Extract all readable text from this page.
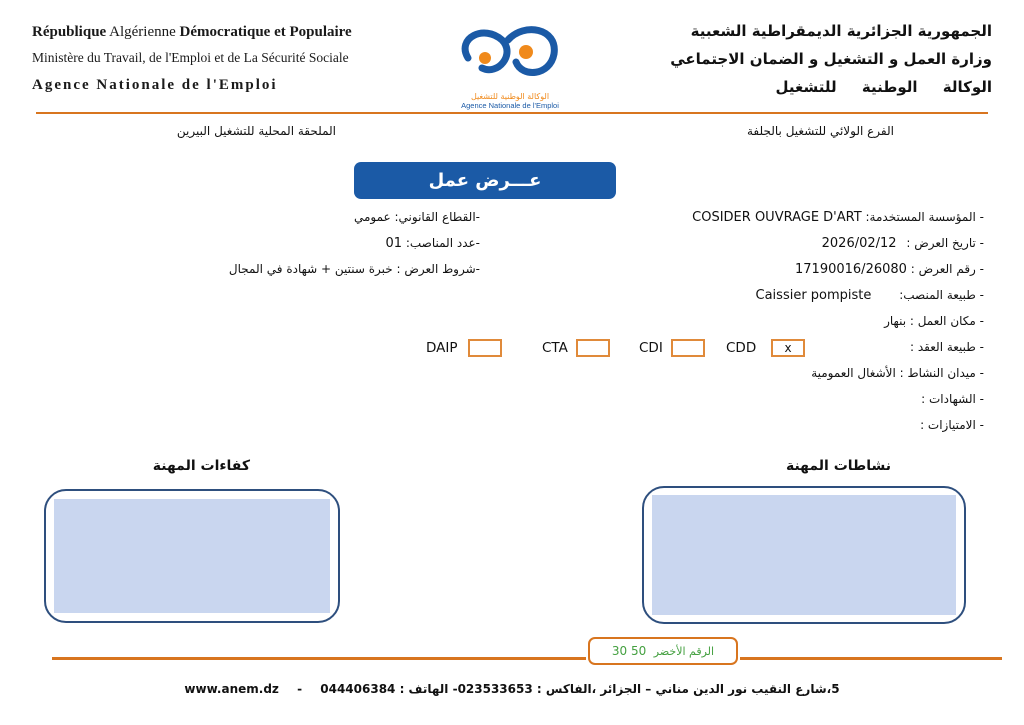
République Algérienne Démocratique et Populaire
Ministère du Travail, de l'Emploi et de La Sécurité Sociale
Agence Nationale de l'Emploi
الوكالة الوطنية للتشغيل
Agence Nationale de l'Emploi
الجمهورية الجزائرية الديمقراطية الشعبية
وزارة العمل و التشغيل و الضمان الاجتماعي
الوكالة الوطنية للتشغيل
الملحقة المحلية للتشغيل البيرين	الفرع الولائي للتشغيل بالجلفة
عـــرض عمل
- المؤسسة المستخدمة: COSIDER OUVRAGE D'ART
- تاريخ العرض : 2026/02/12
- رقم العرض : 17190016/26080
- طبيعة المنصب: Caissier pompiste
- مكان العمل : بنهار
- طبيعة العقد :
- ميدان النشاط : الأشغال العمومية
- الشهادات :
- الامتيازات :
-القطاع القانوني: عمومي
-عدد المناصب: 01
-شروط العرض : خبرة سنتين + شهادة في المجال
CDD	x
CDI
CTA
DAIP
نشاطات المهنة
كفاءات المهنة
30 50 الرقم الأخضر
www.anem.dz - 5،شارع النقيب نور الدين مناني – الجزائر ،الفاكس : 023533653- الهاتف : 044406384
